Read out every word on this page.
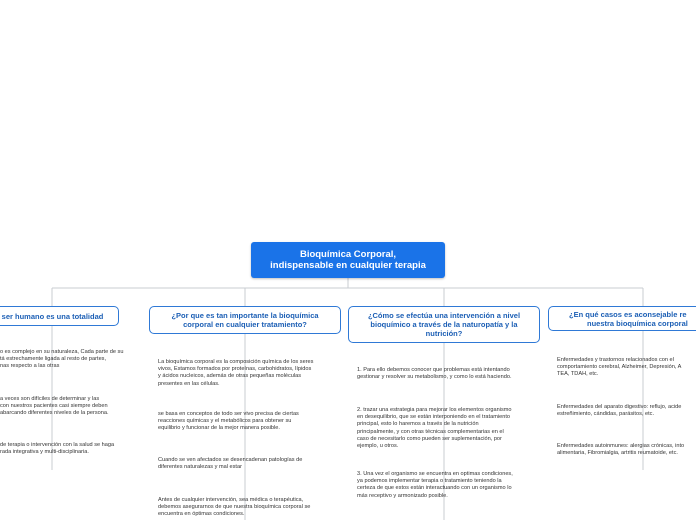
Bioquímica Corporal,
indispensable en cualquier terapia
ser humano es una totalidad	¿Por que es tan importante la bioquímica
corporal en cualquier tratamiento?
¿Cómo se efectúa una intervención a nivel
bioquímico a través de la naturopatía y la
nutrición?
¿En qué casos es aconsejable re
nuestra bioquímica corporal
o es complejo en su naturaleza, Cada parte de su
tá estrechamente ligada al resto de partes,
nas respecto a las otras
a veces son difíciles de determinar y las
con nuestros pacientes casi siempre deben
abarcando diferentes niveles de la persona.
de terapia o intervención con la salud se haga
rada integrativa y multi-disciplinaria.
La bioquímica corporal es la composición química de los seres
vivos, Estamos formados por proteínas, carbohidratos, lípidos
y ácidos nucleicos, además de otras pequeñas moléculas
presentes en las células.
se basa en conceptos de todo ser vivo precisa de ciertas
reacciones químicas y el metabólicos para obtener su
equilibrio y funcionar de la mejor manera posible.
Cuando se ven afectados se desencadenan patologías de
diferentes naturalezas y mal estar
Antes de cualquier intervención, sea médica o terapéutica,
debemos asegurarnos de que nuestra bioquímica corporal se
encuentra en óptimas condiciones.
1. Para ello debemos conocer que problemas está intentando
gestionar y resolver su metabolismo, y como lo está haciendo.
2. trazar una estrategia para mejorar los elementos organismo
en desequilibrio, que se están interponiendo en el tratamiento
principal, esto lo haremos a través de la nutrición
principalmente, y con otras técnicas complementarias en el
caso de necesitarlo como pueden ser suplementación, por
ejemplo, u otros.
3. Una vez el organismo se encuentra en optimas condiciones,
ya podemos implementar terapia o tratamiento teniendo la
certeza de que estos están interactuando con un organismo lo
más receptivo y armonizado posible.
Enfermedades y trastornos relacionados con el
comportamiento cerebral, Alzheimer, Depresión, A
TEA, TDAH, etc.
Enfermedades del aparato digestivo: reflujo, acide
estreñimiento, cándidas, parásitos, etc.
Enfermedades autoinmunes: alergias crónicas, into
alimentaria, Fibromialgia, artritis reumatoide, etc.
